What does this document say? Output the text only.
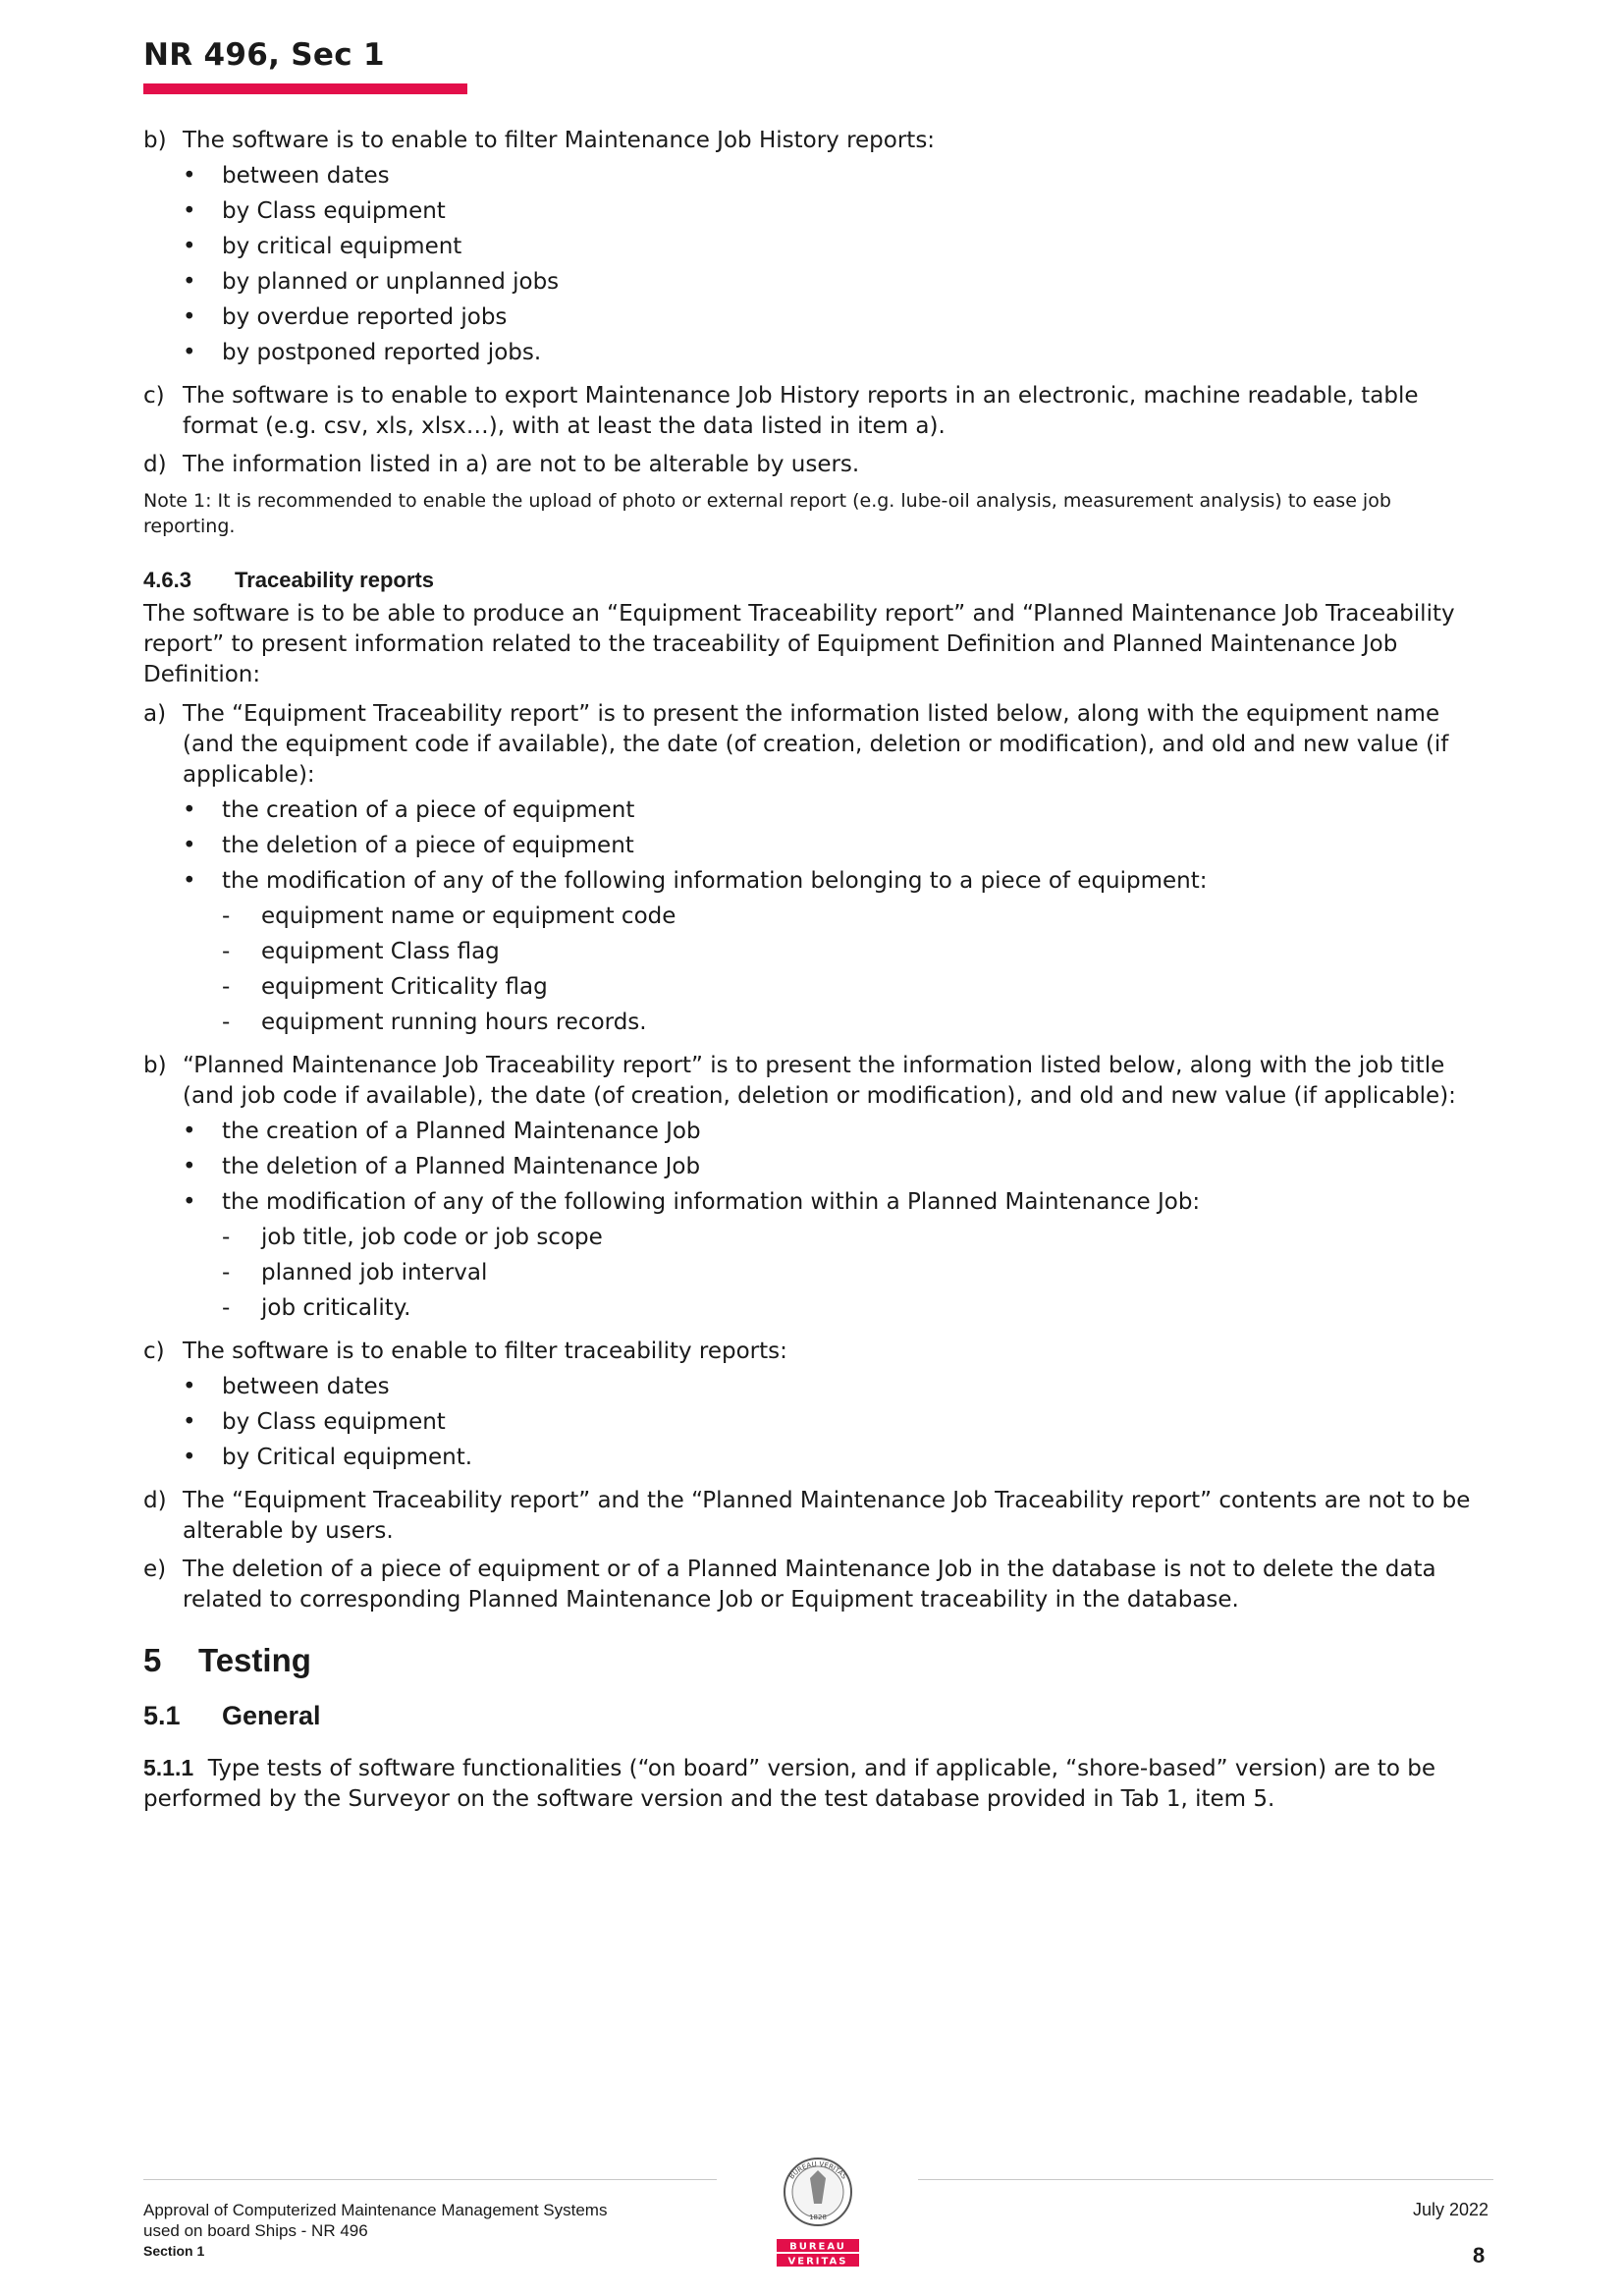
NR 496, Sec 1
b) The software is to enable to filter Maintenance Job History reports:

•	between dates
•	by Class equipment
•	by critical equipment
•	by planned or unplanned jobs
•	by overdue reported jobs
•	by postponed reported jobs.
c) The software is to enable to export Maintenance Job History reports in an electronic, machine readable, table format (e.g. csv, xls, xlsx…), with at least the data listed in item a).

d) The information listed in a) are not to be alterable by users.

Note 1: It is recommended to enable the upload of photo or external report (e.g. lube-oil analysis, measurement analysis) to ease job reporting.

4.6.3 Traceability reports

The software is to be able to produce an “Equipment Traceability report” and “Planned Maintenance Job Traceability report” to present information related to the traceability of Equipment Definition and Planned Maintenance Job Definition:

a) The “Equipment Traceability report” is to present the information listed below, along with the equipment name (and the equipment code if available), the date (of creation, deletion or modification), and old and new value (if applicable):

•	the creation of a piece of equipment
•	the deletion of a piece of equipment
•	the modification of any of the following information belonging to a piece of equipment:
-	equipment name or equipment code
-	equipment Class flag
-	equipment Criticality flag
-	equipment running hours records.
b) “Planned Maintenance Job Traceability report” is to present the information listed below, along with the job title (and job code if available), the date (of creation, deletion or modification), and old and new value (if applicable):

•	the creation of a Planned Maintenance Job
•	the deletion of a Planned Maintenance Job
•	the modification of any of the following information within a Planned Maintenance Job:
-	job title, job code or job scope
-	planned job interval
-	job criticality.
c) The software is to enable to filter traceability reports:

•	between dates
•	by Class equipment
•	by Critical equipment.
d) The “Equipment Traceability report” and the “Planned Maintenance Job Traceability report” contents are not to be alterable by users.

e) The deletion of a piece of equipment or of a Planned Maintenance Job in the database is not to delete the data related to corresponding Planned Maintenance Job or Equipment traceability in the database.

5 Testing
5.1 General

5.1.1 Type tests of software functionalities (“on board” version, and if applicable, “shore-based” version) are to be performed by the Surveyor on the software version and the test database provided in Tab 1, item 5.

Approval of Computerized Maintenance Management Systems
used on board Ships - NR 496
Section 1
BUREAU VERITAS
1828
BUREAU
VERITAS
July 2022
8
